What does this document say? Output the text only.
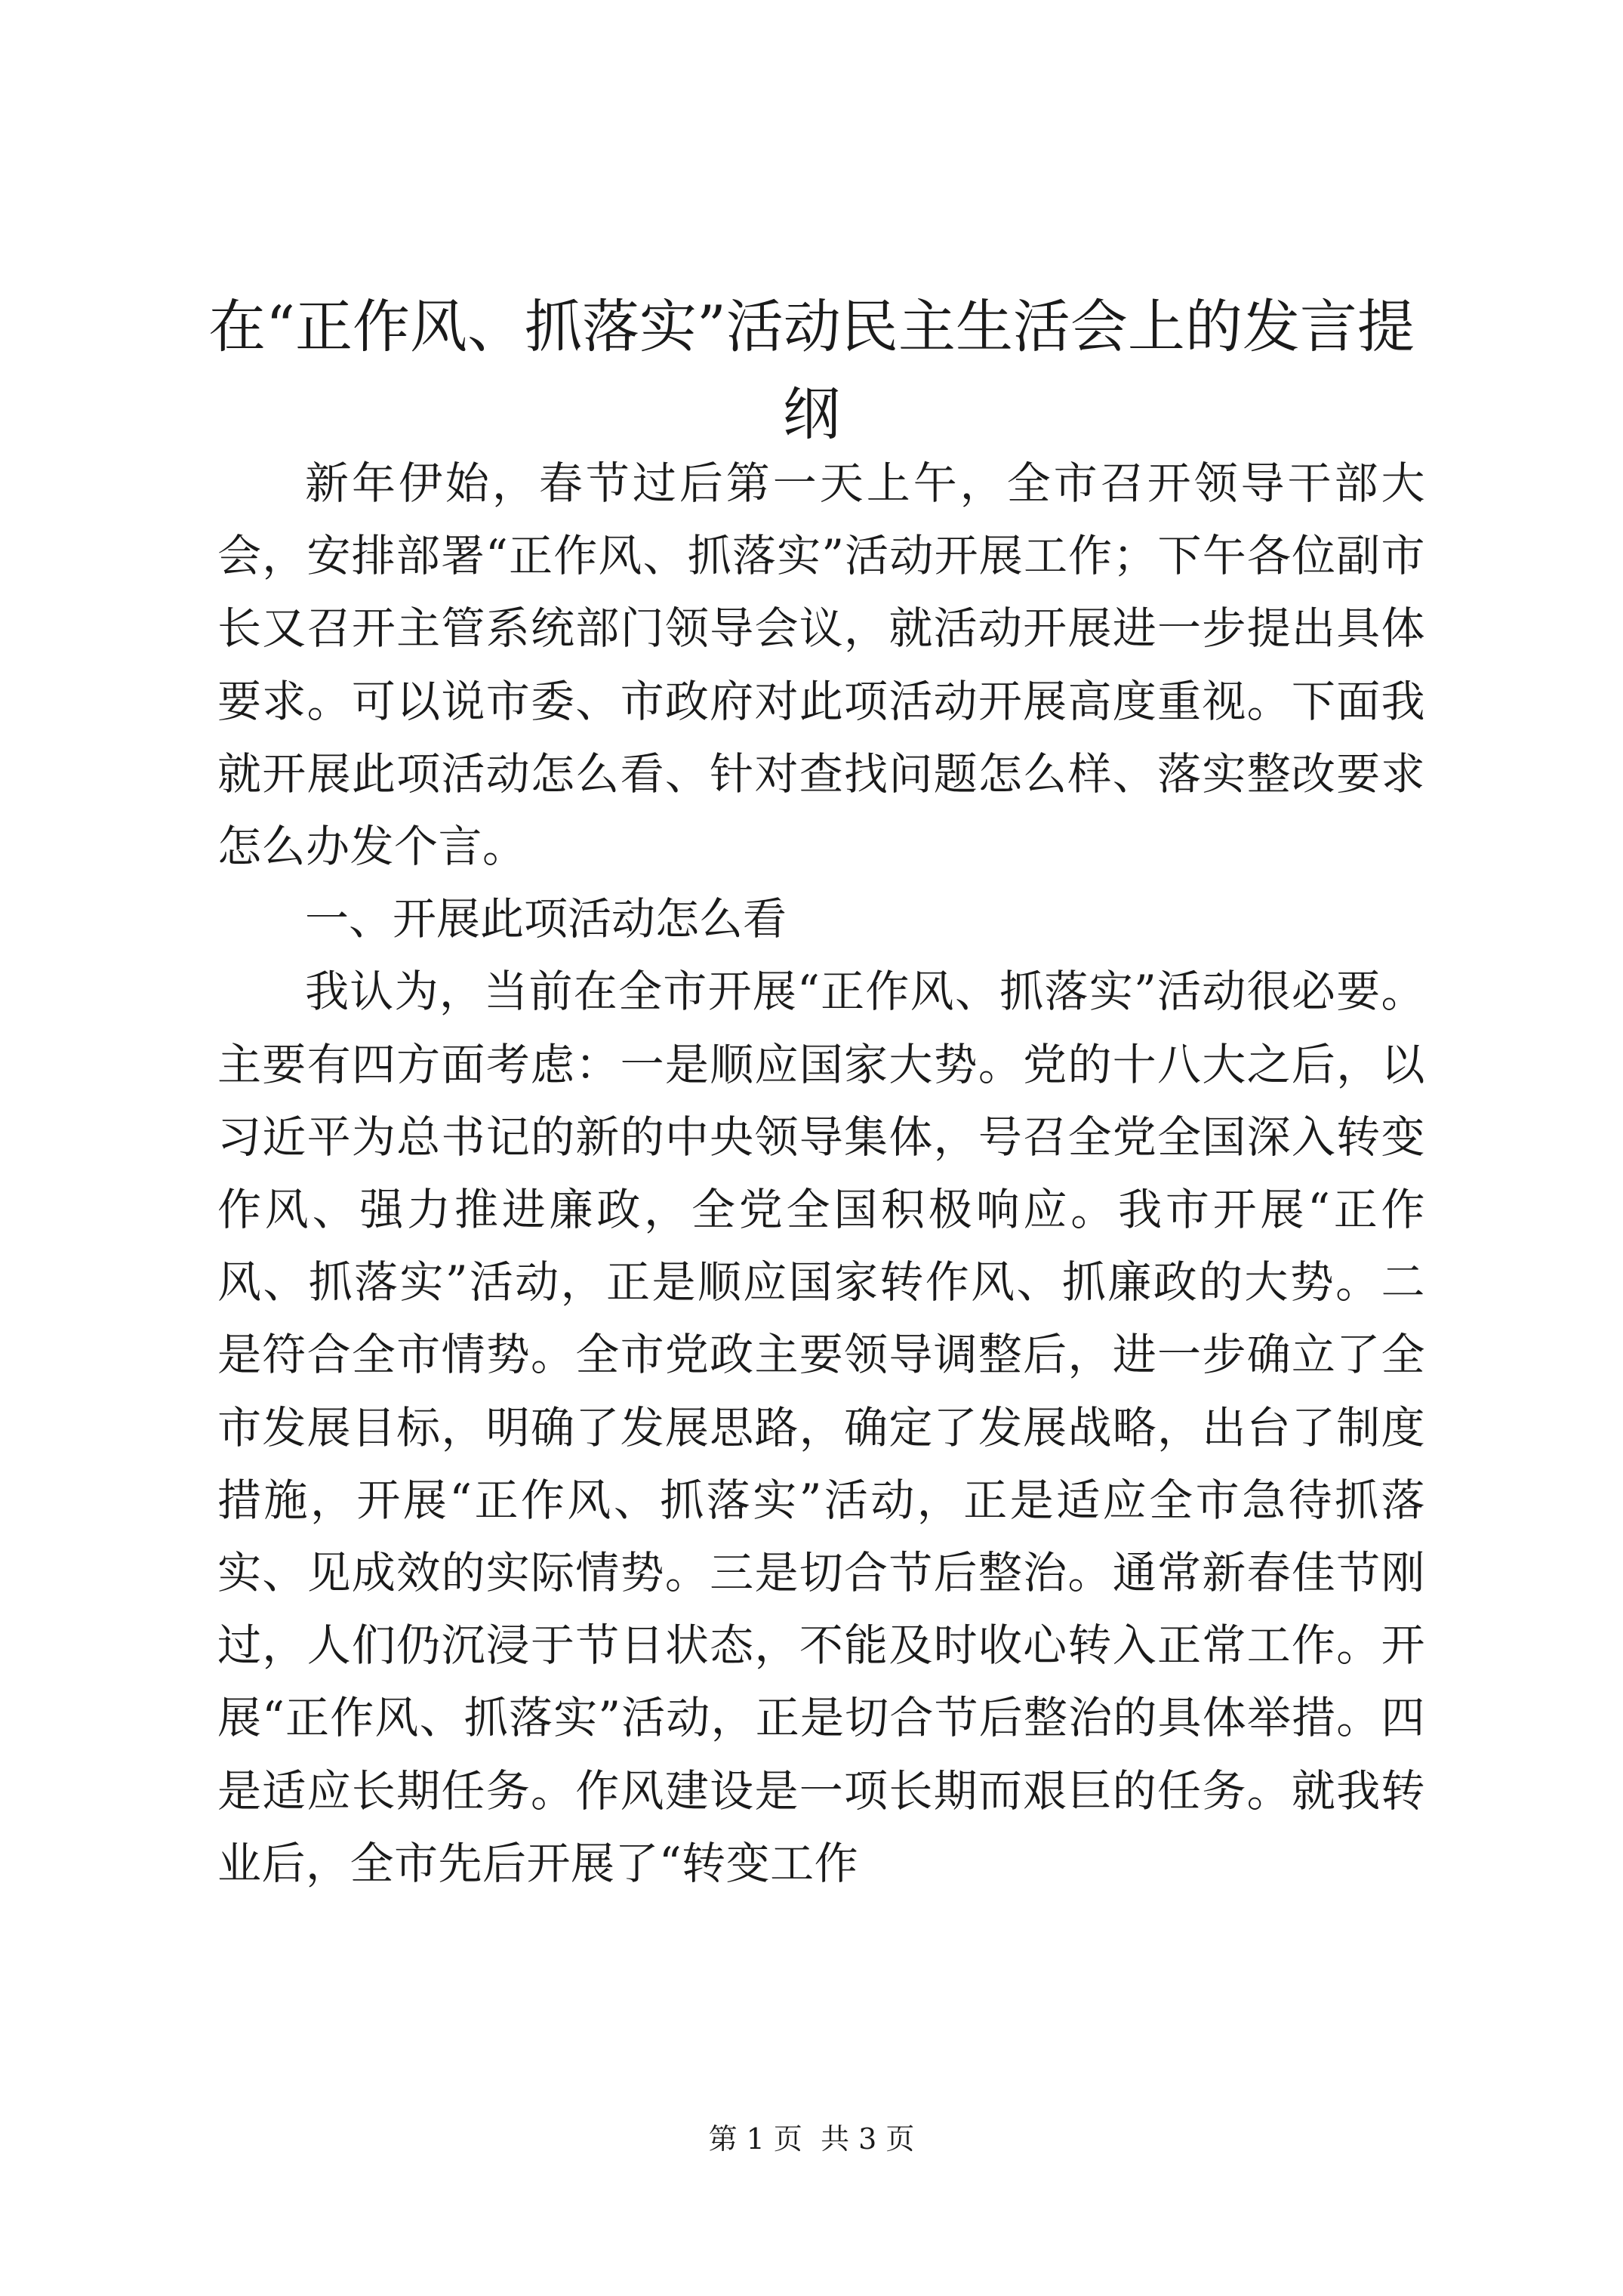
在“正作风、抓落实”活动民主生活会上的发言提纲

新年伊始，春节过后第一天上午，全市召开领导干部大会，安排部署“正作风、抓落实”活动开展工作；下午各位副市长又召开主管系统部门领导会议，就活动开展进一步提出具体要求。可以说市委、市政府对此项活动开展高度重视。下面我就开展此项活动怎么看、针对查找问题怎么样、落实整改要求怎么办发个言。

一、开展此项活动怎么看

我认为，当前在全市开展“正作风、抓落实”活动很必要。主要有四方面考虑：一是顺应国家大势。党的十八大之后，以习近平为总书记的新的中央领导集体，号召全党全国深入转变作风、强力推进廉政，全党全国积极响应。我市开展“正作风、抓落实”活动，正是顺应国家转作风、抓廉政的大势。二是符合全市情势。全市党政主要领导调整后，进一步确立了全市发展目标，明确了发展思路，确定了发展战略，出台了制度措施，开展“正作风、抓落实”活动，正是适应全市急待抓落实、见成效的实际情势。三是切合节后整治。通常新春佳节刚过，人们仍沉浸于节日状态，不能及时收心转入正常工作。开展“正作风、抓落实”活动，正是切合节后整治的具体举措。四是适应长期任务。作风建设是一项长期而艰巨的任务。就我转业后，全市先后开展了“转变工作

第 1 页  共 3 页
